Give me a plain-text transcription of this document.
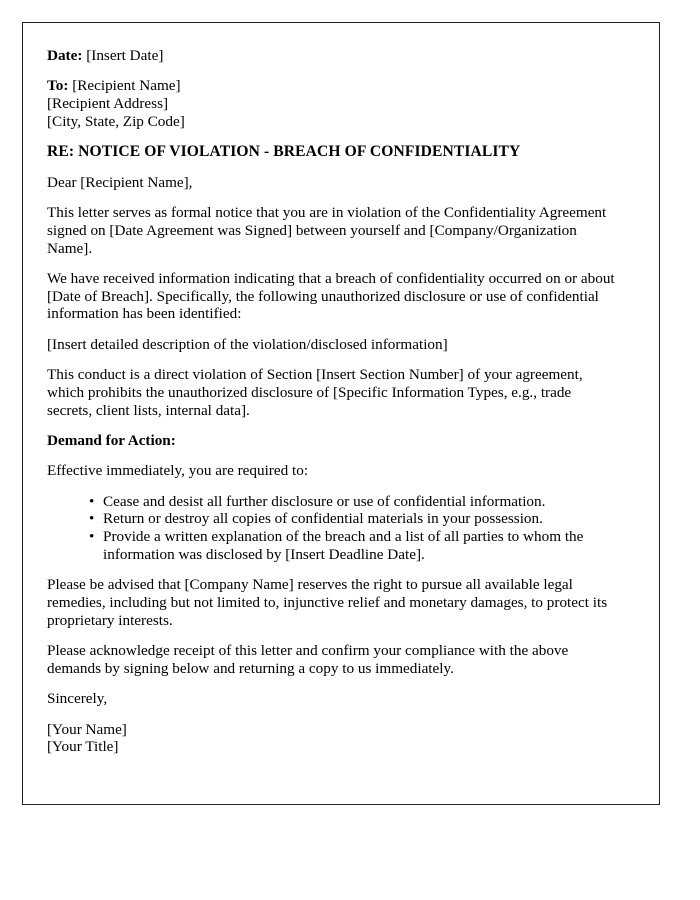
Date: [Insert Date]

To: [Recipient Name]

[Recipient Address]

[City, State, Zip Code]

RE: NOTICE OF VIOLATION - BREACH OF CONFIDENTIALITY

Dear [Recipient Name],

This letter serves as formal notice that you are in violation of the Confidentiality Agreement signed on [Date Agreement was Signed] between yourself and [Company/Organization Name].

We have received information indicating that a breach of confidentiality occurred on or about [Date of Breach]. Specifically, the following unauthorized disclosure or use of confidential information has been identified:

[Insert detailed description of the violation/disclosed information]

This conduct is a direct violation of Section [Insert Section Number] of your agreement, which prohibits the unauthorized disclosure of [Specific Information Types, e.g., trade secrets, client lists, internal data].

Demand for Action:

Effective immediately, you are required to:

• Cease and desist all further disclosure or use of confidential information.
• Return or destroy all copies of confidential materials in your possession.
• Provide a written explanation of the breach and a list of all parties to whom the information was disclosed by [Insert Deadline Date].

Please be advised that [Company Name] reserves the right to pursue all available legal remedies, including but not limited to, injunctive relief and monetary damages, to protect its proprietary interests.

Please acknowledge receipt of this letter and confirm your compliance with the above demands by signing below and returning a copy to us immediately.

Sincerely,

[Your Name]

[Your Title]
